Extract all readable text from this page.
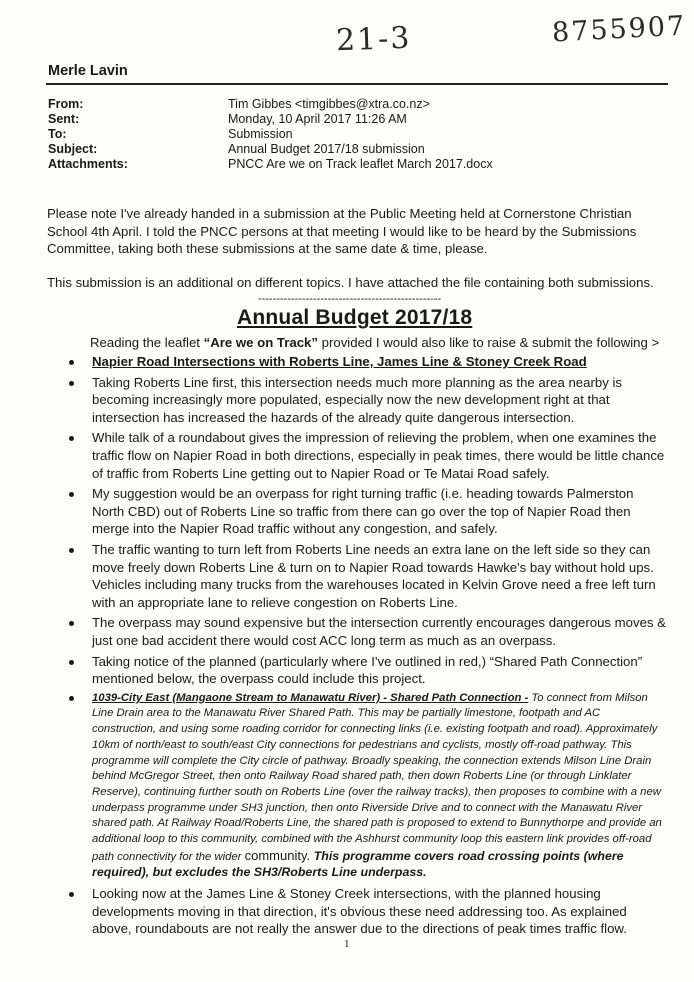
21-3	8755907
Merle Lavin
From:	Tim Gibbes <timgibbes@xtra.co.nz>
Sent:	Monday, 10 April 2017 11:26 AM
To:	Submission
Subject:	Annual Budget 2017/18 submission
Attachments:	PNCC Are we on Track leaflet March 2017.docx
Please note I've already handed in a submission at the Public Meeting held at Cornerstone Christian School 4th April. I told the PNCC persons at that meeting I would like to be heard by the Submissions Committee, taking both these submissions at the same date & time, please.
This submission is an additional on different topics. I have attached the file containing both submissions.
--------------------------------------------------
Annual Budget 2017/18
Reading the leaflet “Are we on Track” provided I would also like to raise & submit the following >
Napier Road Intersections with Roberts Line, James Line & Stoney Creek Road
Taking Roberts Line first, this intersection needs much more planning as the area nearby is becoming increasingly more populated, especially now the new development right at that intersection has increased the hazards of the already quite dangerous intersection.
While talk of a roundabout gives the impression of relieving the problem, when one examines the traffic flow on Napier Road in both directions, especially in peak times, there would be little chance of traffic from Roberts Line getting out to Napier Road or Te Matai Road safely.
My suggestion would be an overpass for right turning traffic (i.e. heading towards Palmerston North CBD) out of Roberts Line so traffic from there can go over the top of Napier Road then merge into the Napier Road traffic without any congestion, and safely.
The traffic wanting to turn left from Roberts Line needs an extra lane on the left side so they can move freely down Roberts Line & turn on to Napier Road towards Hawke's bay without hold ups. Vehicles including many trucks from the warehouses located in Kelvin Grove need a free left turn with an appropriate lane to relieve congestion on Roberts Line.
The overpass may sound expensive but the intersection currently encourages dangerous moves & just one bad accident there would cost ACC long term as much as an overpass.
Taking notice of the planned (particularly where I've outlined in red,) “Shared Path Connection” mentioned below, the overpass could include this project.
1039-City East (Mangaone Stream to Manawatu River) - Shared Path Connection - To connect from Milson Line Drain area to the Manawatu River Shared Path. This may be partially limestone, footpath and AC construction, and using some roading corridor for connecting links (i.e. existing footpath and road). Approximately 10km of north/east to south/east City connections for pedestrians and cyclists, mostly off-road pathway. This programme will complete the City circle of pathway. Broadly speaking, the connection extends Milson Line Drain behind McGregor Street, then onto Railway Road shared path, then down Roberts Line (or through Linklater Reserve), continuing further south on Roberts Line (over the railway tracks), then proposes to combine with a new underpass programme under SH3 junction, then onto Riverside Drive and to connect with the Manawatu River shared path. At Railway Road/Roberts Line, the shared path is proposed to extend to Bunnythorpe and provide an additional loop to this community, combined with the Ashhurst community loop this eastern link provides off-road path connectivity for the wider community. This programme covers road crossing points (where required), but excludes the SH3/Roberts Line underpass.
Looking now at the James Line & Stoney Creek intersections, with the planned housing developments moving in that direction, it's obvious these need addressing too. As explained above, roundabouts are not really the answer due to the directions of peak times traffic flow.
1
